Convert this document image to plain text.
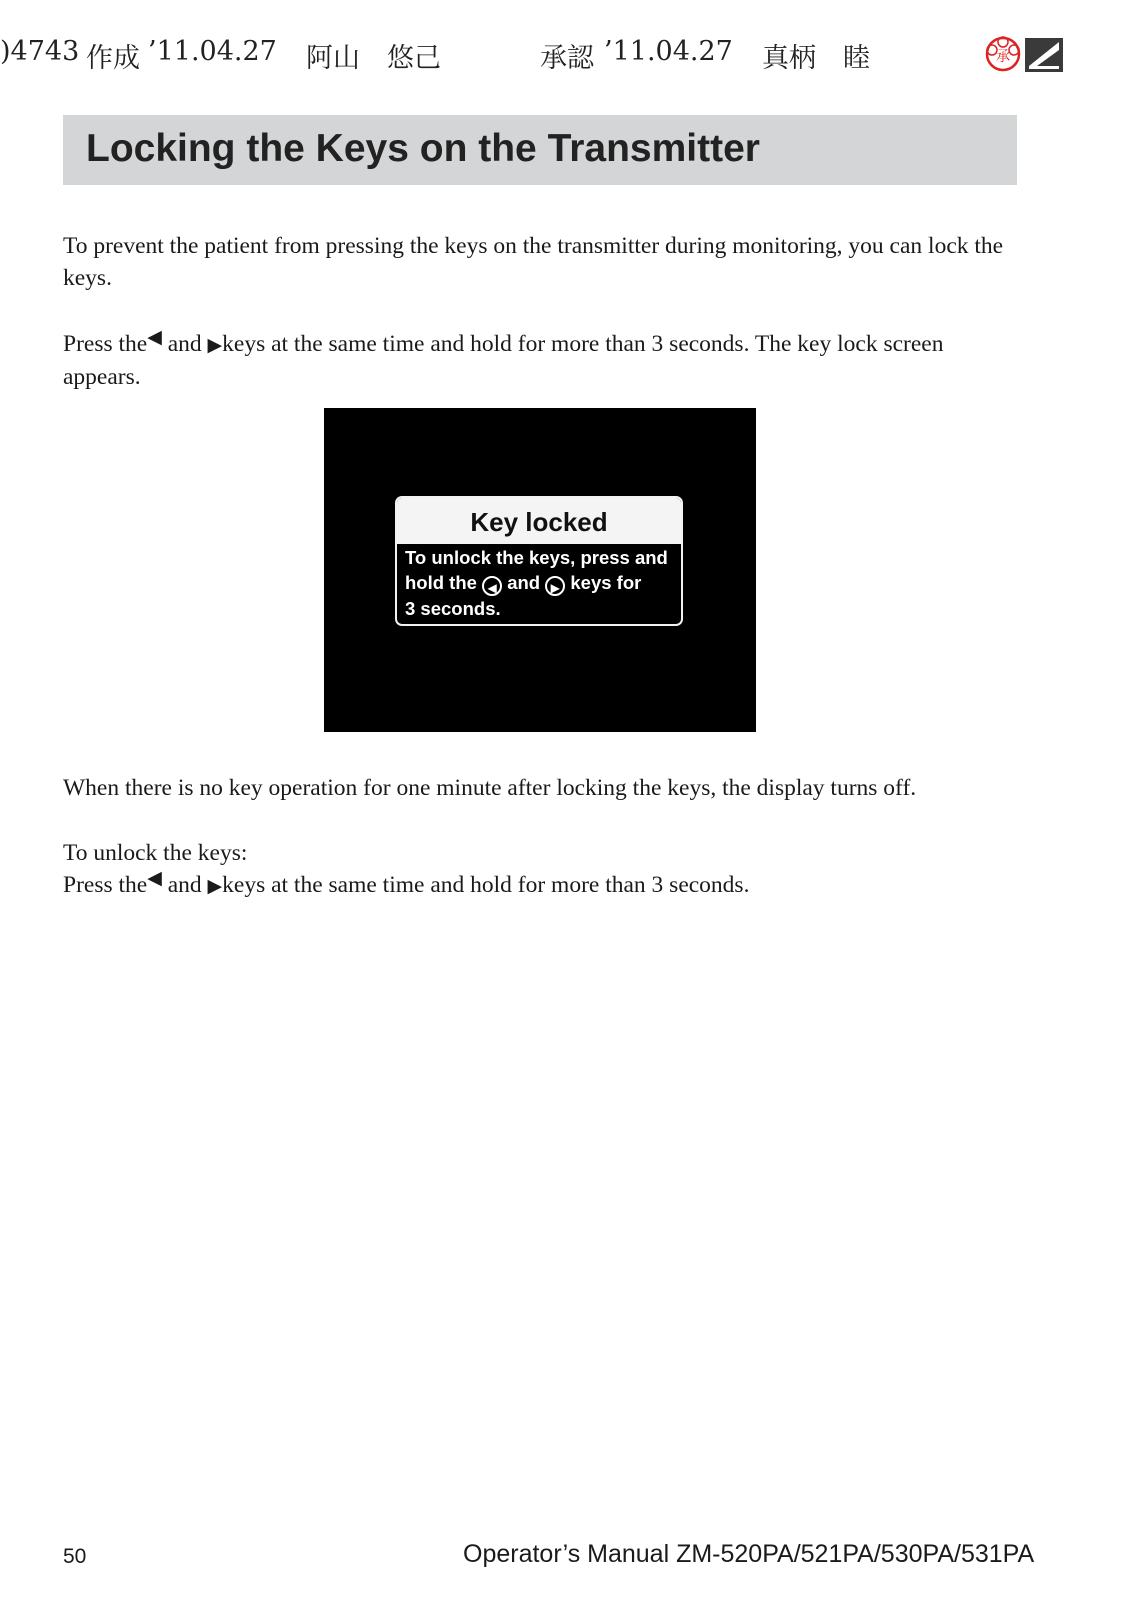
)4743 作成 ’11.04.27 阿山　悠己	承認 ’11.04.27 真柄　睦	承
Locking the Keys on the Transmitter

To prevent the patient from pressing the keys on the transmitter during monitoring, you can lock the keys.

Press the◀ and ▶keys at the same time and hold for more than 3 seconds. The key lock screen appears.

Key locked
To unlock the keys, press and
hold the ◀ and ▶ keys for
3 seconds.

When there is no key operation for one minute after locking the keys, the display turns off.

To unlock the keys:

Press the◀ and ▶keys at the same time and hold for more than 3 seconds.

50	Operator’s Manual ZM-520PA/521PA/530PA/531PA
